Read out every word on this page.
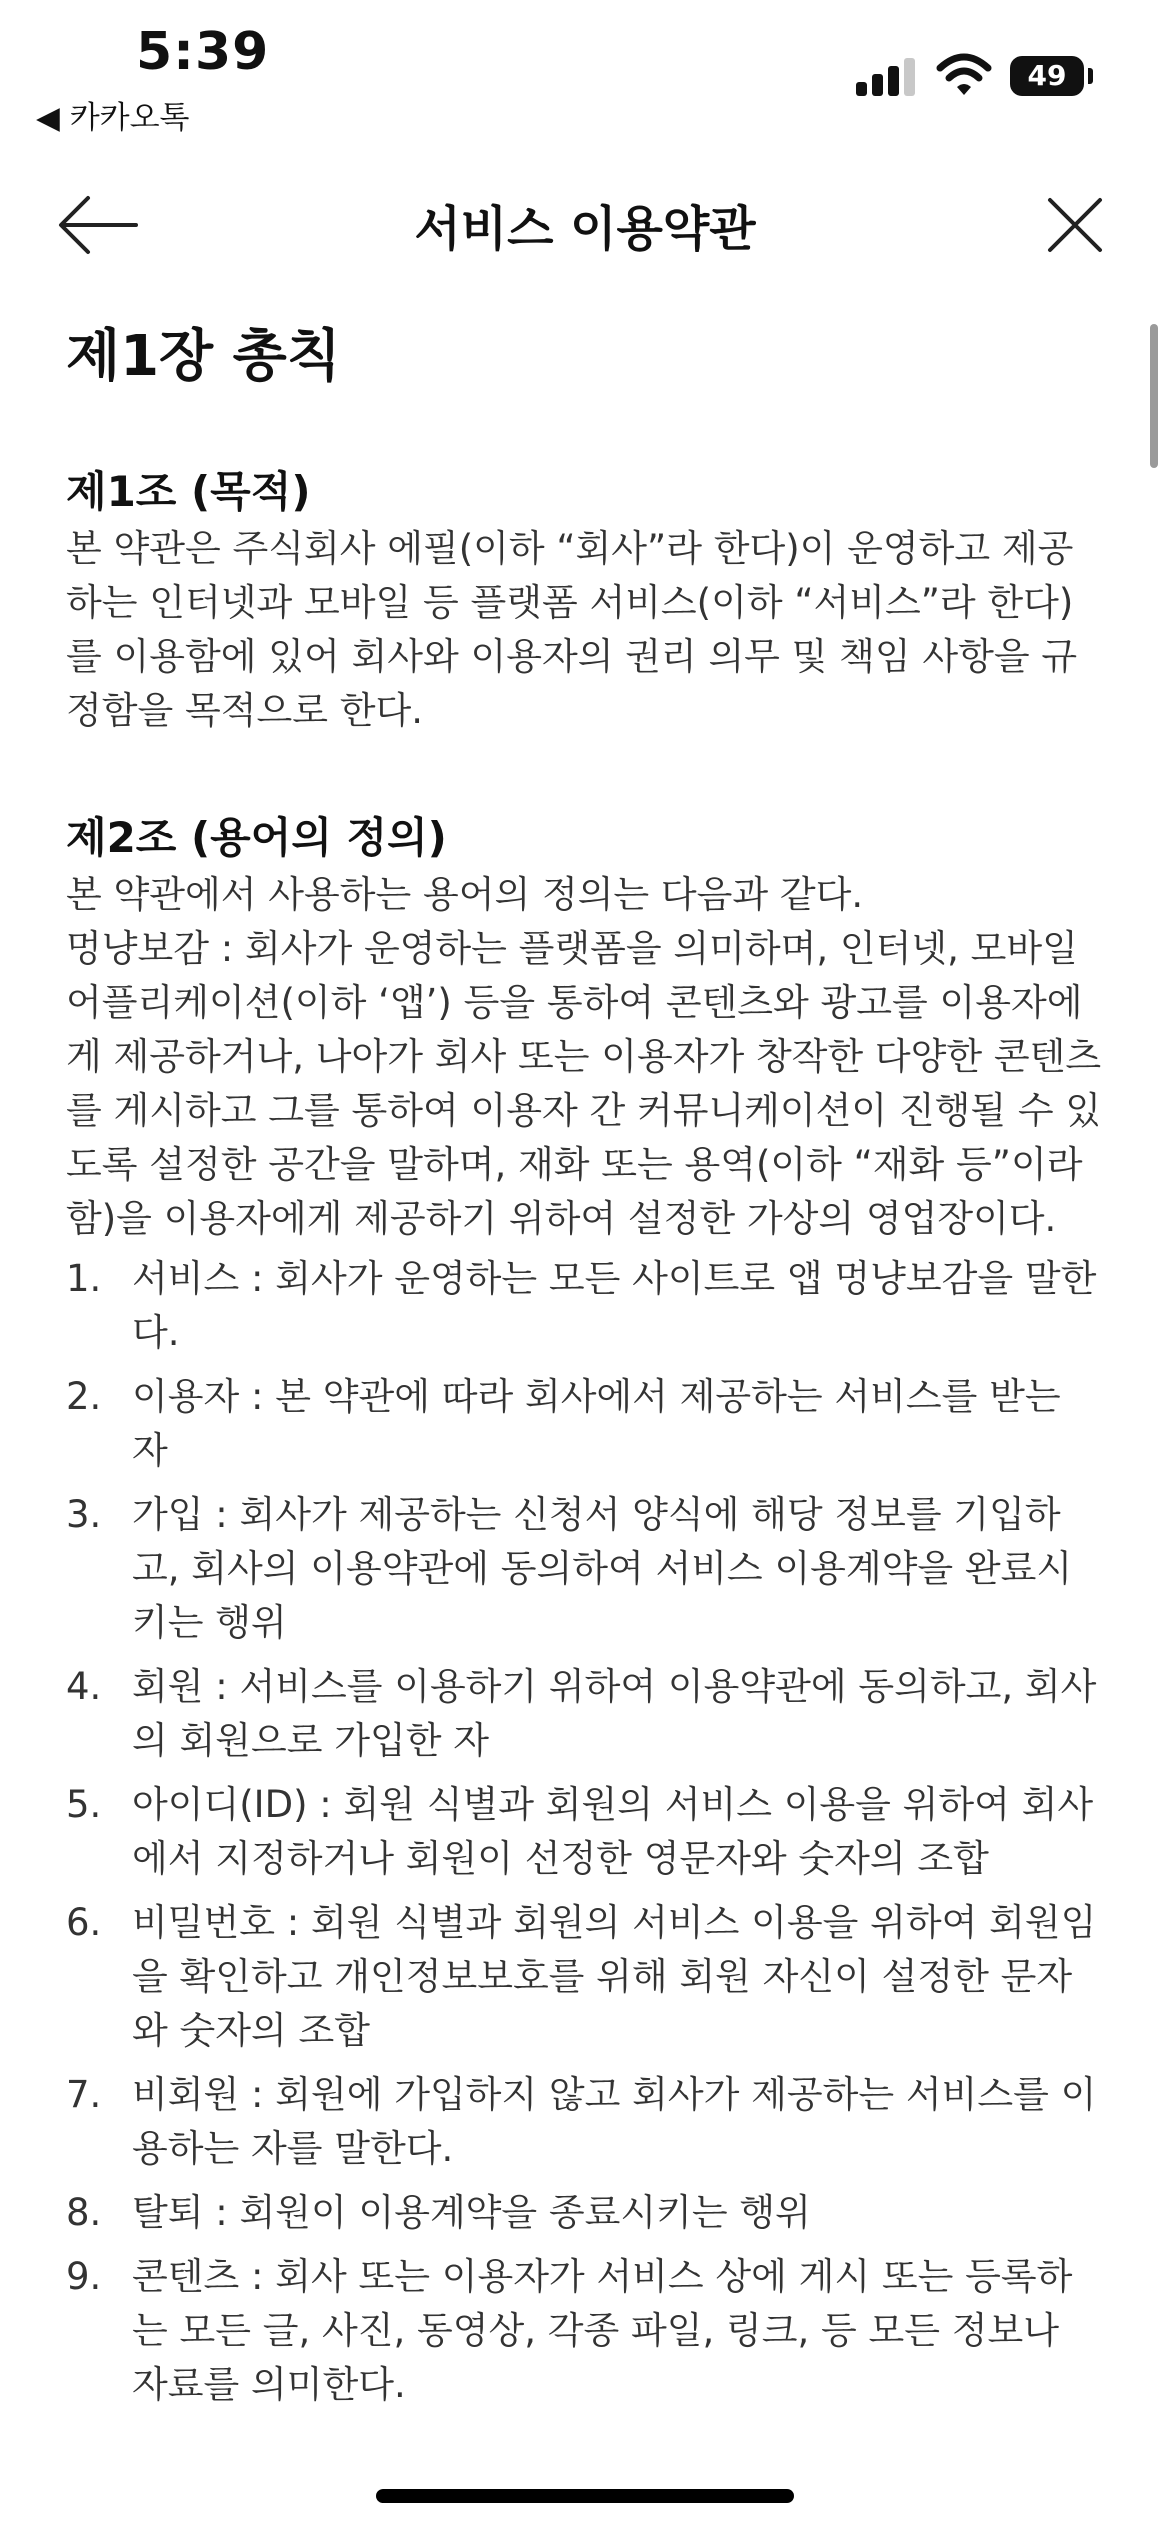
5:39
◀ 카카오톡
49
서비스 이용약관
제1장 총칙
제1조 (목적)

본 약관은 주식회사 에필(이하 “회사”라 한다)이 운영하고 제공하는 인터넷과 모바일 등 플랫폼 서비스(이하 “서비스”라 한다)를 이용함에 있어 회사와 이용자의 권리 의무 및 책임 사항을 규정함을 목적으로 한다.

제2조 (용어의 정의)

본 약관에서 사용하는 용어의 정의는 다음과 같다.

멍냥보감 : 회사가 운영하는 플랫폼을 의미하며, 인터넷, 모바일 어플리케이션(이하 ‘앱’) 등을 통하여 콘텐츠와 광고를 이용자에게 제공하거나, 나아가 회사 또는 이용자가 창작한 다양한 콘텐츠를 게시하고 그를 통하여 이용자 간 커뮤니케이션이 진행될 수 있도록 설정한 공간을 말하며, 재화 또는 용역(이하 “재화 등”이라 함)을 이용자에게 제공하기 위하여 설정한 가상의 영업장이다.

1. 서비스 : 회사가 운영하는 모든 사이트로 앱 멍냥보감을 말한다.
2. 이용자 : 본 약관에 따라 회사에서 제공하는 서비스를 받는 자
3. 가입 : 회사가 제공하는 신청서 양식에 해당 정보를 기입하고, 회사의 이용약관에 동의하여 서비스 이용계약을 완료시키는 행위
4. 회원 : 서비스를 이용하기 위하여 이용약관에 동의하고, 회사의 회원으로 가입한 자
5. 아이디(ID) : 회원 식별과 회원의 서비스 이용을 위하여 회사에서 지정하거나 회원이 선정한 영문자와 숫자의 조합
6. 비밀번호 : 회원 식별과 회원의 서비스 이용을 위하여 회원임을 확인하고 개인정보보호를 위해 회원 자신이 설정한 문자와 숫자의 조합
7. 비회원 : 회원에 가입하지 않고 회사가 제공하는 서비스를 이용하는 자를 말한다.
8. 탈퇴 : 회원이 이용계약을 종료시키는 행위
9. 콘텐츠 : 회사 또는 이용자가 서비스 상에 게시 또는 등록하는 모든 글, 사진, 동영상, 각종 파일, 링크, 등 모든 정보나 자료를 의미한다.
